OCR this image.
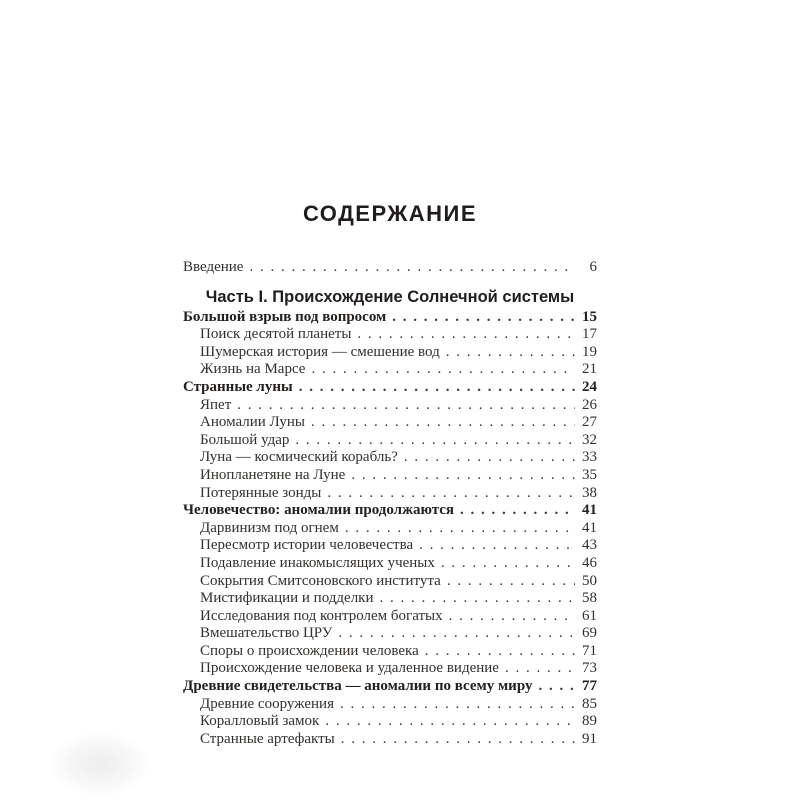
СОДЕРЖАНИЕ
Введение . . .	6
Часть I. Происхождение Солнечной системы
Большой взрыв под вопросом . . .	15
Поиск десятой планеты . . .	17
Шумерская история — смешение вод . . .	19
Жизнь на Марсе . . .	21
Странные луны . . .	24
Япет . . .	26
Аномалии Луны . . .	27
Большой удар . . .	32
Луна — космический корабль? . . .	33
Инопланетяне на Луне . . .	35
Потерянные зонды . . .	38
Человечество: аномалии продолжаются . . .	41
Дарвинизм под огнем . . .	41
Пересмотр истории человечества . . .	43
Подавление инакомыслящих ученых . . .	46
Сокрытия Смитсоновского института . . .	50
Мистификации и подделки . . .	58
Исследования под контролем богатых . . .	61
Вмешательство ЦРУ . . .	69
Споры о происхождении человека . . .	71
Происхождение человека и удаленное видение . . .	73
Древние свидетельства — аномалии по всему миру . . .	77
Древние сооружения . . .	85
Коралловый замок . . .	89
Странные артефакты . . .	91
